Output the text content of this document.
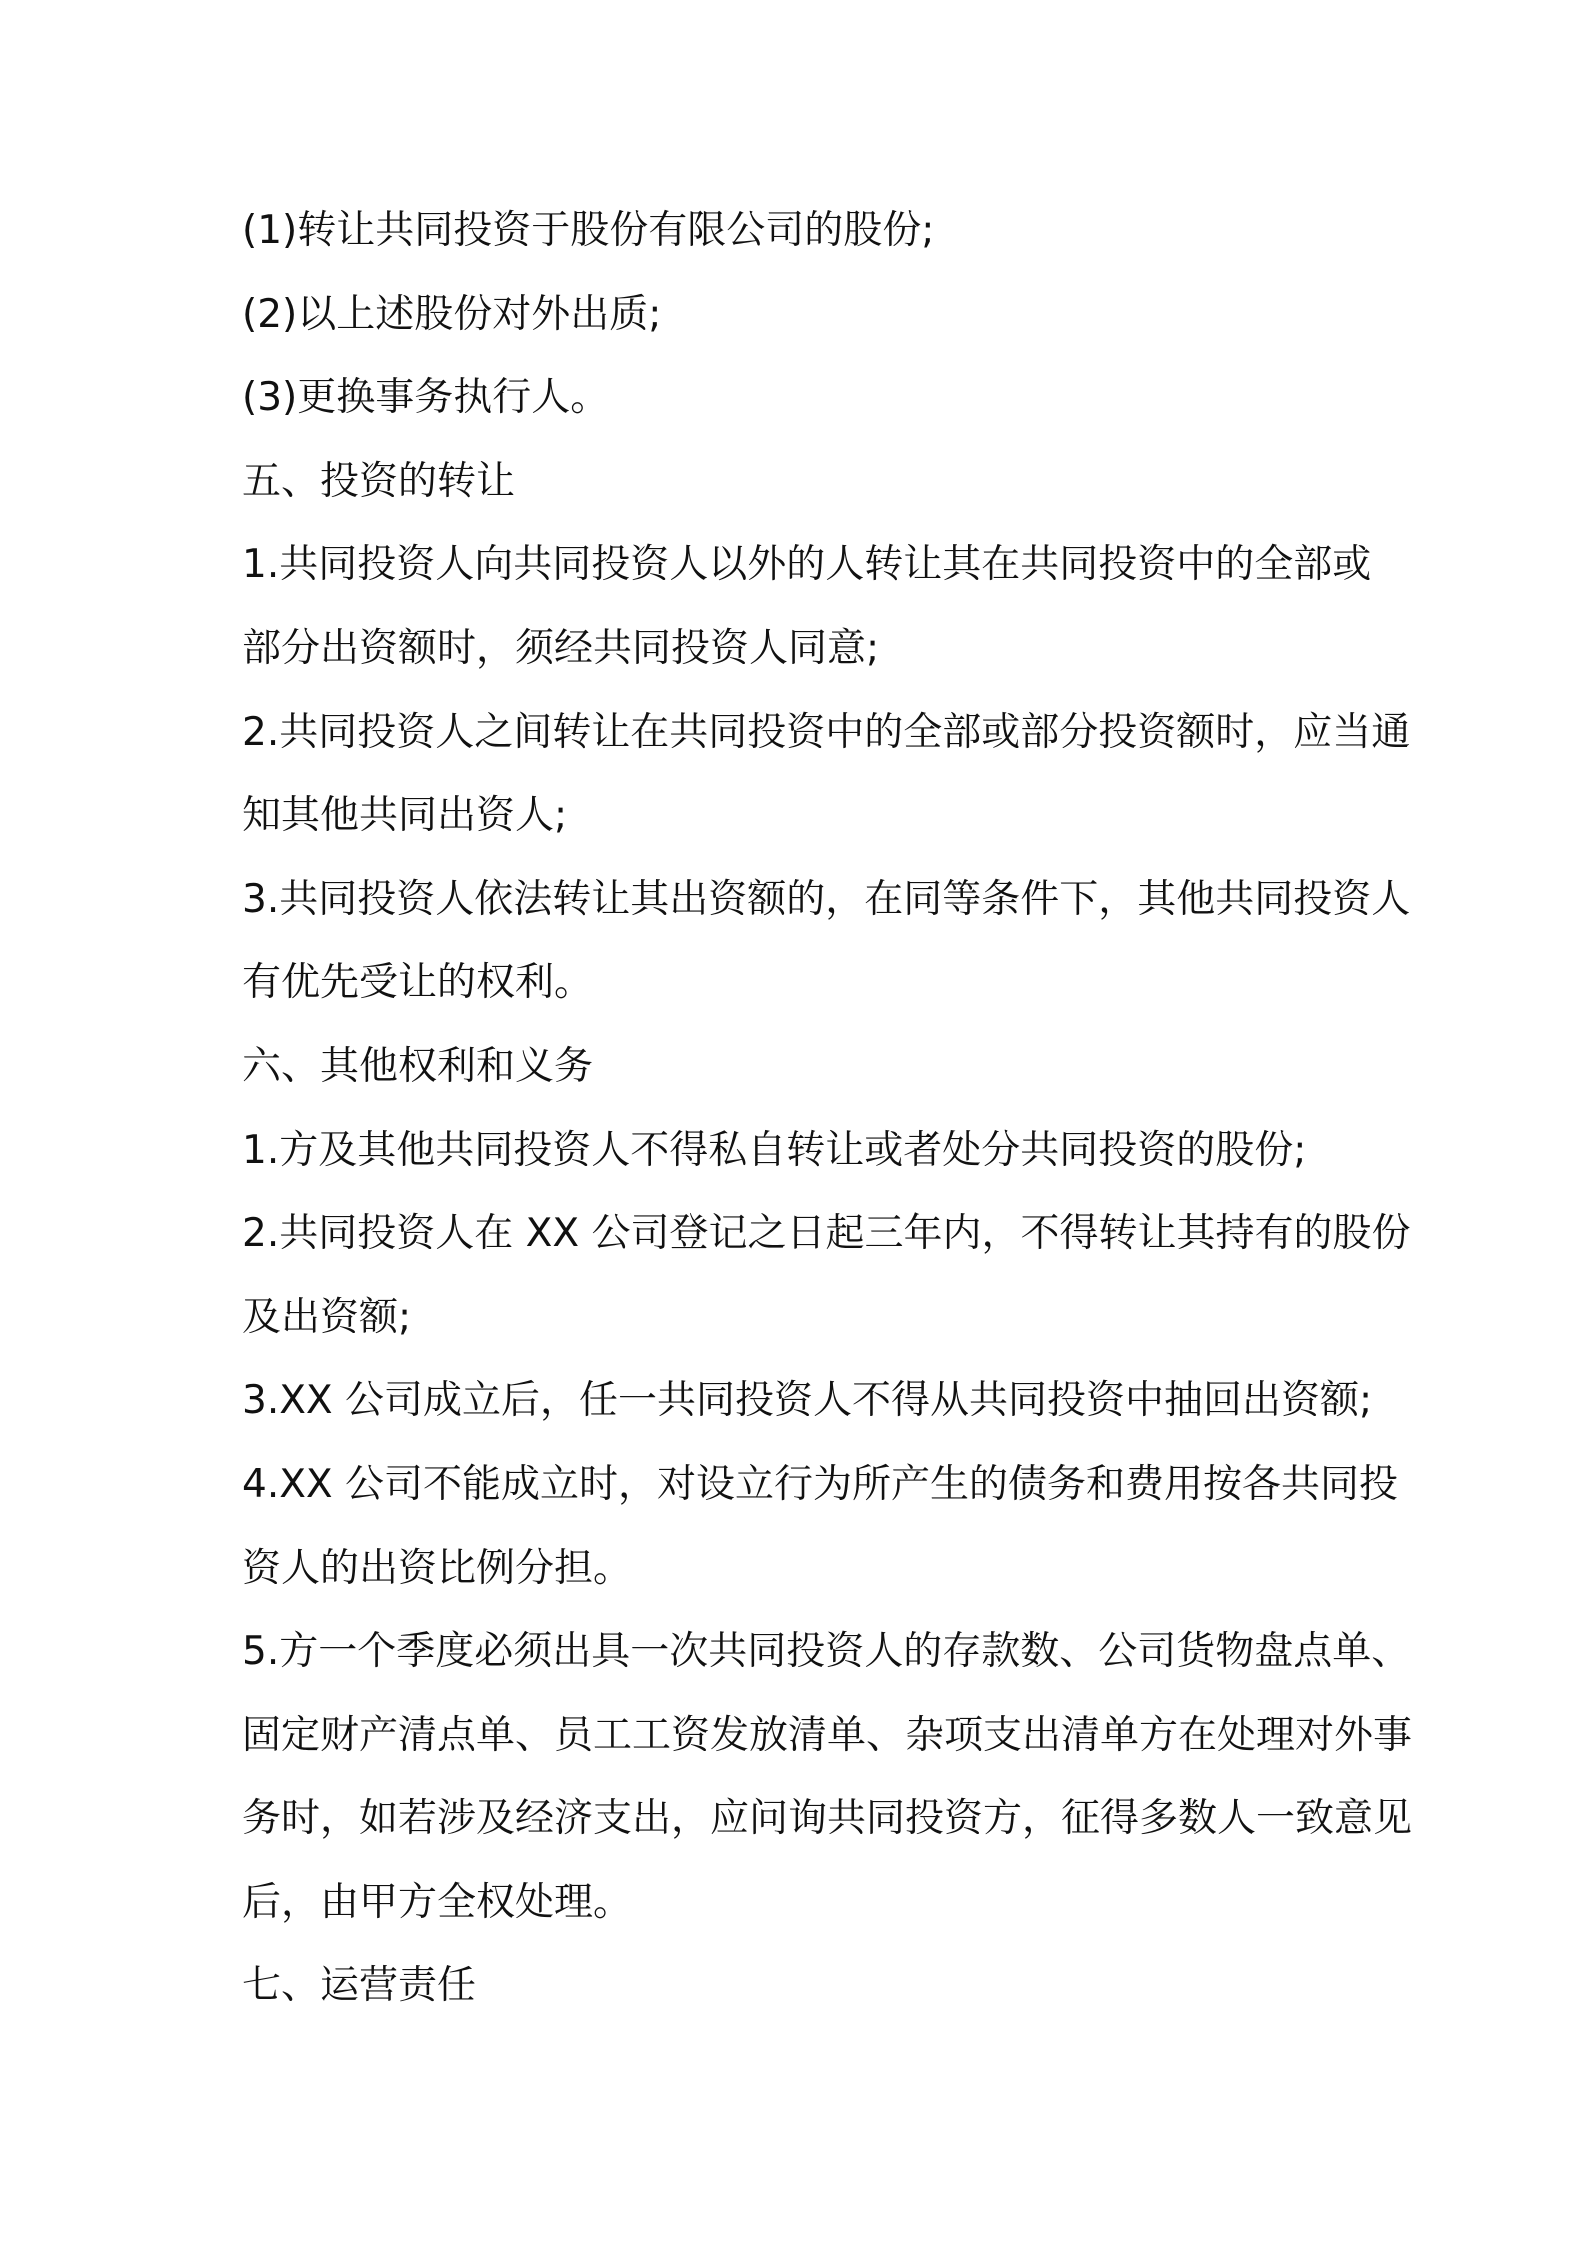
(1)转让共同投资于股份有限公司的股份;

(2)以上述股份对外出质;

(3)更换事务执行人。

五、投资的转让

1.共同投资人向共同投资人以外的人转让其在共同投资中的全部或
部分出资额时，须经共同投资人同意;

2.共同投资人之间转让在共同投资中的全部或部分投资额时，应当通
知其他共同出资人;

3.共同投资人依法转让其出资额的，在同等条件下，其他共同投资人
有优先受让的权利。

六、其他权利和义务

1.方及其他共同投资人不得私自转让或者处分共同投资的股份;

2.共同投资人在 XX 公司登记之日起三年内，不得转让其持有的股份
及出资额;

3.XX 公司成立后，任一共同投资人不得从共同投资中抽回出资额;

4.XX 公司不能成立时，对设立行为所产生的债务和费用按各共同投
资人的出资比例分担。

5.方一个季度必须出具一次共同投资人的存款数、公司货物盘点单、
固定财产清点单、员工工资发放清单、杂项支出清单方在处理对外事
务时，如若涉及经济支出，应问询共同投资方，征得多数人一致意见
后，由甲方全权处理。

七、运营责任
